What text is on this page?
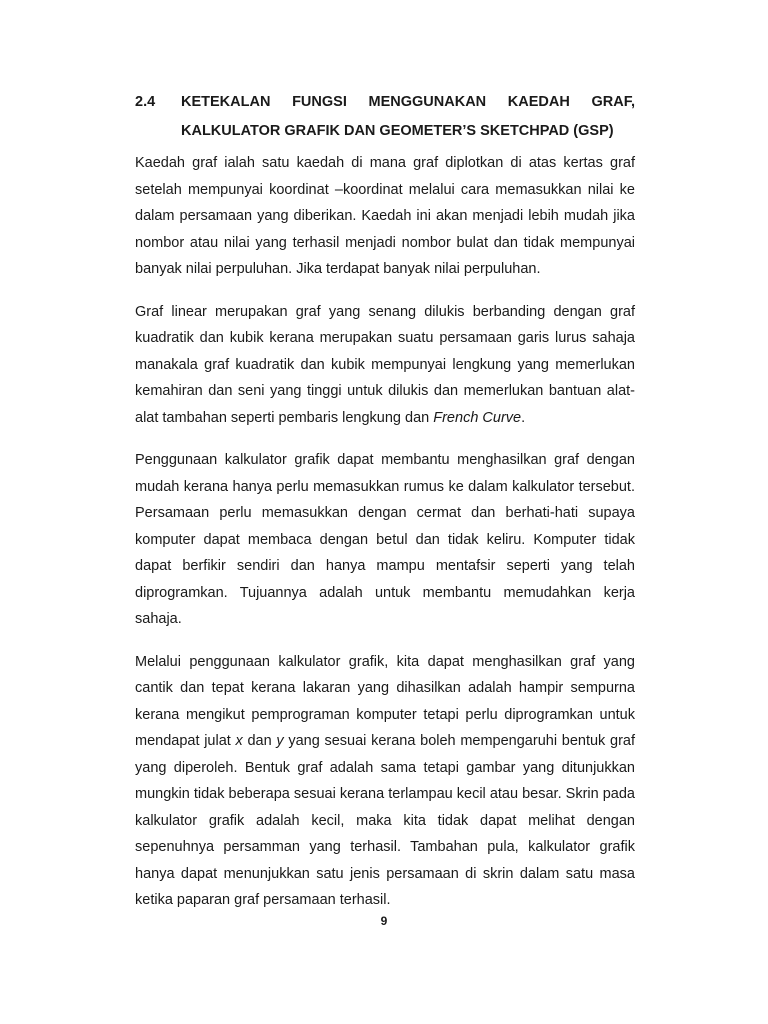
2.4	KETEKALAN FUNGSI MENGGUNAKAN KAEDAH GRAF,
KALKULATOR GRAFIK DAN GEOMETER’S SKETCHPAD (GSP)

Kaedah graf ialah satu kaedah di mana graf diplotkan di atas kertas graf setelah mempunyai koordinat –koordinat melalui cara memasukkan nilai ke dalam persamaan yang diberikan. Kaedah ini akan menjadi lebih mudah jika nombor atau nilai yang terhasil menjadi nombor bulat dan tidak mempunyai banyak nilai perpuluhan. Jika terdapat banyak nilai perpuluhan.

Graf linear merupakan graf yang senang dilukis berbanding dengan graf kuadratik dan kubik kerana merupakan suatu persamaan garis lurus sahaja manakala graf kuadratik dan kubik mempunyai lengkung yang memerlukan kemahiran dan seni yang tinggi untuk dilukis dan memerlukan bantuan alat-alat tambahan seperti pembaris lengkung dan French Curve.

Penggunaan kalkulator grafik dapat membantu menghasilkan graf dengan mudah kerana hanya perlu memasukkan rumus ke dalam kalkulator tersebut. Persamaan perlu memasukkan dengan cermat dan berhati-hati supaya komputer dapat membaca dengan betul dan tidak keliru. Komputer tidak dapat berfikir sendiri dan hanya mampu mentafsir seperti yang telah diprogramkan. Tujuannya adalah untuk membantu memudahkan kerja sahaja.

Melalui penggunaan kalkulator grafik, kita dapat menghasilkan graf yang cantik dan tepat kerana lakaran yang dihasilkan adalah hampir sempurna kerana mengikut pemprograman komputer tetapi perlu diprogramkan untuk mendapat julat x dan y yang sesuai kerana boleh mempengaruhi bentuk graf yang diperoleh. Bentuk graf adalah sama tetapi gambar yang ditunjukkan mungkin tidak beberapa sesuai kerana terlampau kecil atau besar. Skrin pada kalkulator grafik adalah kecil, maka kita tidak dapat melihat dengan sepenuhnya persamman yang terhasil. Tambahan pula, kalkulator grafik hanya dapat menunjukkan satu jenis persamaan di skrin dalam satu masa ketika paparan graf persamaan terhasil.

9
